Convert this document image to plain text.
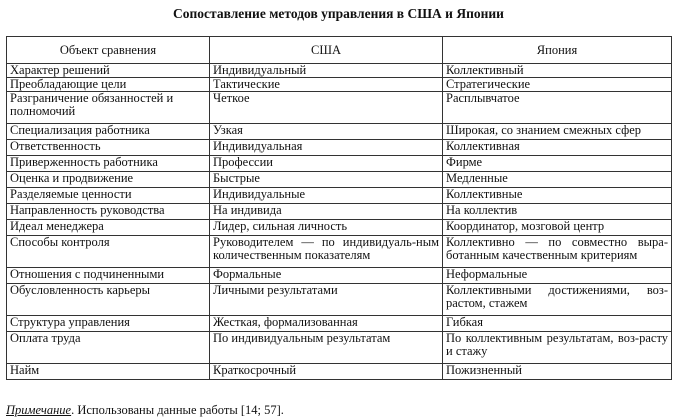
Сопоставление методов управления в США и Японии
Объект сравнения	США	Япония
Характер решений	Индивидуальный	Коллективный
Преобладающие цели	Тактические	Стратегические
Разграничение обязанностей и полномочий	Четкое	Расплывчатое
Специализация работника	Узкая	Широкая, со знанием смежных сфер
Ответственность	Индивидуальная	Коллективная
Приверженность работника	Профессии	Фирме
Оценка и продвижение	Быстрые	Медленные
Разделяемые ценности	Индивидуальные	Коллективные
Направленность руководства	На индивида	На коллектив
Идеал менеджера	Лидер, сильная личность	Координатор, мозговой центр
Способы контроля	Руководителем — по индивидуаль-ным количественным показателям	Коллективно — по совместно выра-ботанным качественным критериям
Отношения с подчиненными	Формальные	Неформальные
Обусловленность карьеры	Личными результатами	Коллективными достижениями, воз-растом, стажем
Структура управления	Жесткая, формализованная	Гибкая
Оплата труда	По индивидуальным результатам	По коллективным результатам, воз-расту и стажу
Найм	Краткосрочный	Пожизненный
Примечание. Использованы данные работы [14; 57].
